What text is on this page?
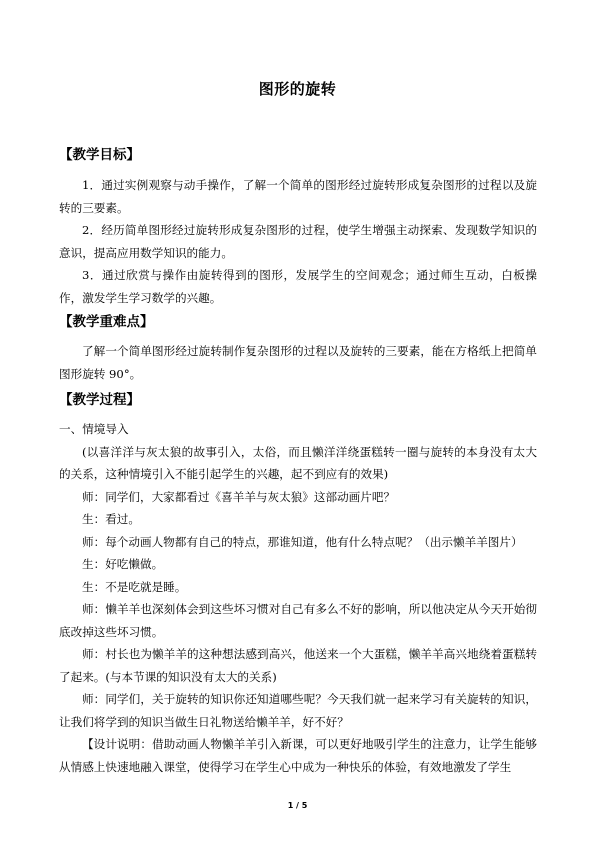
图形的旋转
【教学目标】

1．通过实例观察与动手操作，了解一个简单的图形经过旋转形成复杂图形的过程以及旋转的三要素。

2．经历简单图形经过旋转形成复杂图形的过程，使学生增强主动探索、发现数学知识的意识，提高应用数学知识的能力。

3．通过欣赏与操作由旋转得到的图形，发展学生的空间观念；通过师生互动，白板操作，激发学生学习数学的兴趣。

【教学重难点】

了解一个简单图形经过旋转制作复杂图形的过程以及旋转的三要素，能在方格纸上把简单图形旋转 90°。

【教学过程】

一、情境导入

(以喜洋洋与灰太狼的故事引入，太俗，而且懒洋洋绕蛋糕转一圈与旋转的本身没有太大的关系，这种情境引入不能引起学生的兴趣，起不到应有的效果)

师：同学们，大家都看过《喜羊羊与灰太狼》这部动画片吧？

生：看过。

师：每个动画人物都有自己的特点，那谁知道，他有什么特点呢？（出示懒羊羊图片）

生：好吃懒做。

生：不是吃就是睡。

师：懒羊羊也深刻体会到这些坏习惯对自己有多么不好的影响，所以他决定从今天开始彻底改掉这些坏习惯。

师：村长也为懒羊羊的这种想法感到高兴，他送来一个大蛋糕，懒羊羊高兴地绕着蛋糕转了起来。(与本节课的知识没有太大的关系)

师：同学们，关于旋转的知识你还知道哪些呢？今天我们就一起来学习有关旋转的知识，让我们将学到的知识当做生日礼物送给懒羊羊，好不好？

【设计说明：借助动画人物懒羊羊引入新课，可以更好地吸引学生的注意力，让学生能够从情感上快速地融入课堂，使得学习在学生心中成为一种快乐的体验，有效地激发了学生

1 / 5
